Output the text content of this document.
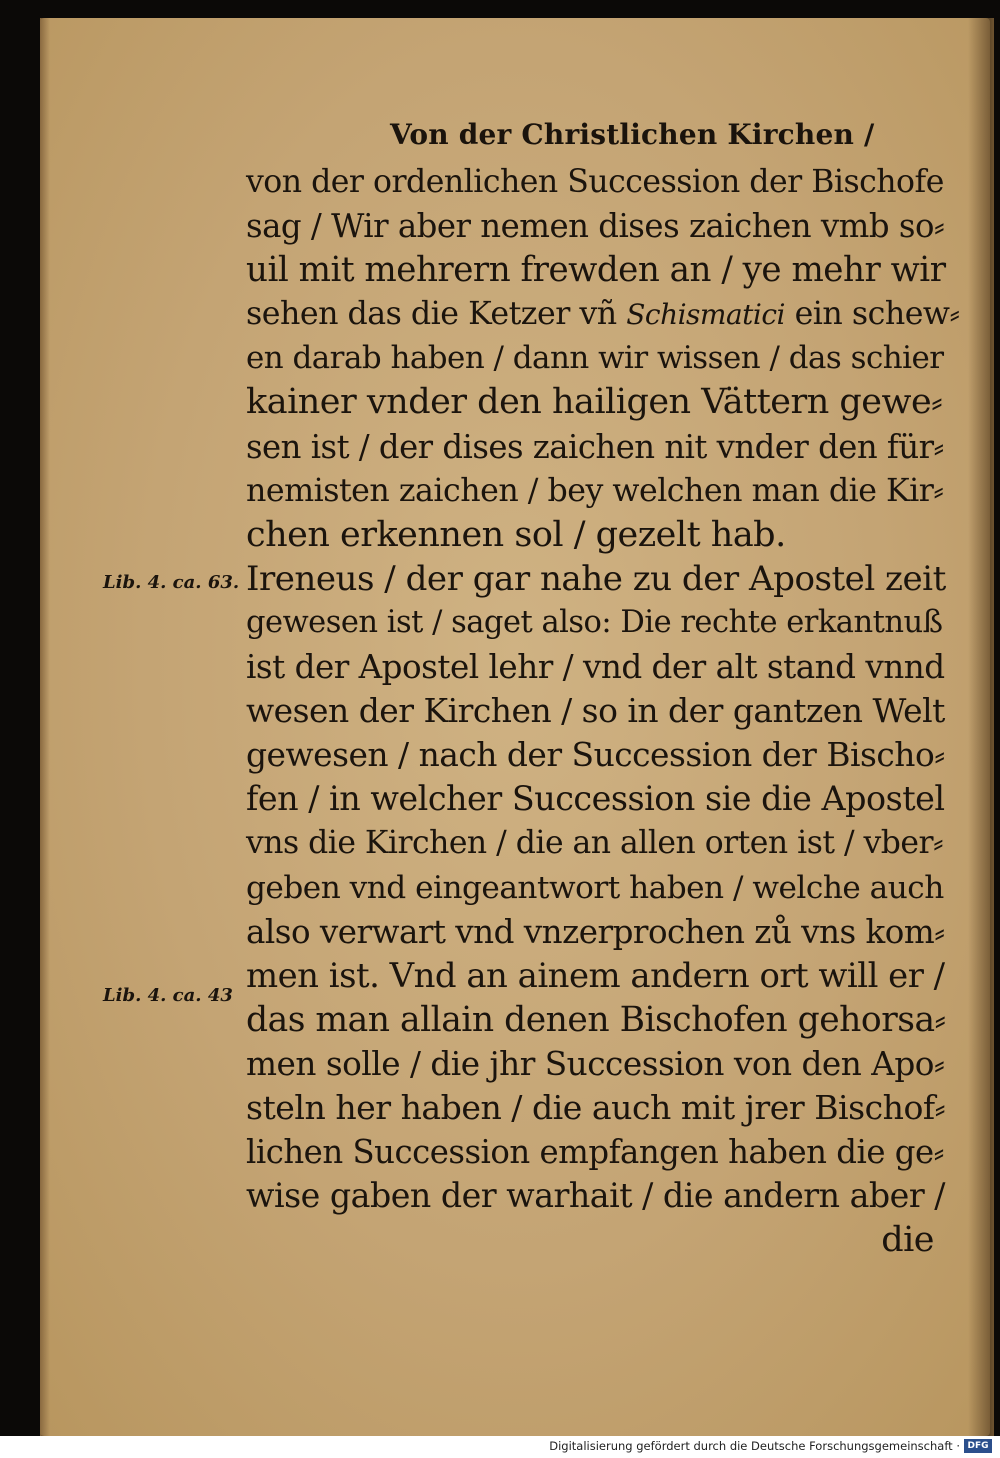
Von der Christlichen Kirchen /
Lib. 4. ca. 63.
Lib. 4. ca. 43
von der ordenlichen Succession der Bischofe
sag / Wir aber nemen dises zaichen vmb so⸗
uil mit mehrern frewden an / ye mehr wir
sehen das die Ketzer vñ Schismatici ein schew⸗
en darab haben / dann wir wissen / das schier
kainer vnder den hailigen Vättern gewe⸗
sen ist / der dises zaichen nit vnder den für⸗
nemisten zaichen / bey welchen man die Kir⸗
chen erkennen sol / gezelt hab.
Ireneus / der gar nahe zu der Apostel zeit
gewesen ist / saget also: Die rechte erkantnuß
ist der Apostel lehr / vnd der alt stand vnnd
wesen der Kirchen / so in der gantzen Welt
gewesen / nach der Succession der Bischo⸗
fen / in welcher Succession sie die Apostel
vns die Kirchen / die an allen orten ist / vber⸗
geben vnd eingeantwort haben / welche auch
also verwart vnd vnzerprochen zů vns kom⸗
men ist. Vnd an ainem andern ort will er /
das man allain denen Bischofen gehorsa⸗
men solle / die jhr Succession von den Apo⸗
steln her haben / die auch mit jrer Bischof⸗
lichen Succession empfangen haben die ge⸗
wise gaben der warhait / die andern aber /
die
Digitalisierung gefördert durch die Deutsche Forschungsgemeinschaft · DFG
